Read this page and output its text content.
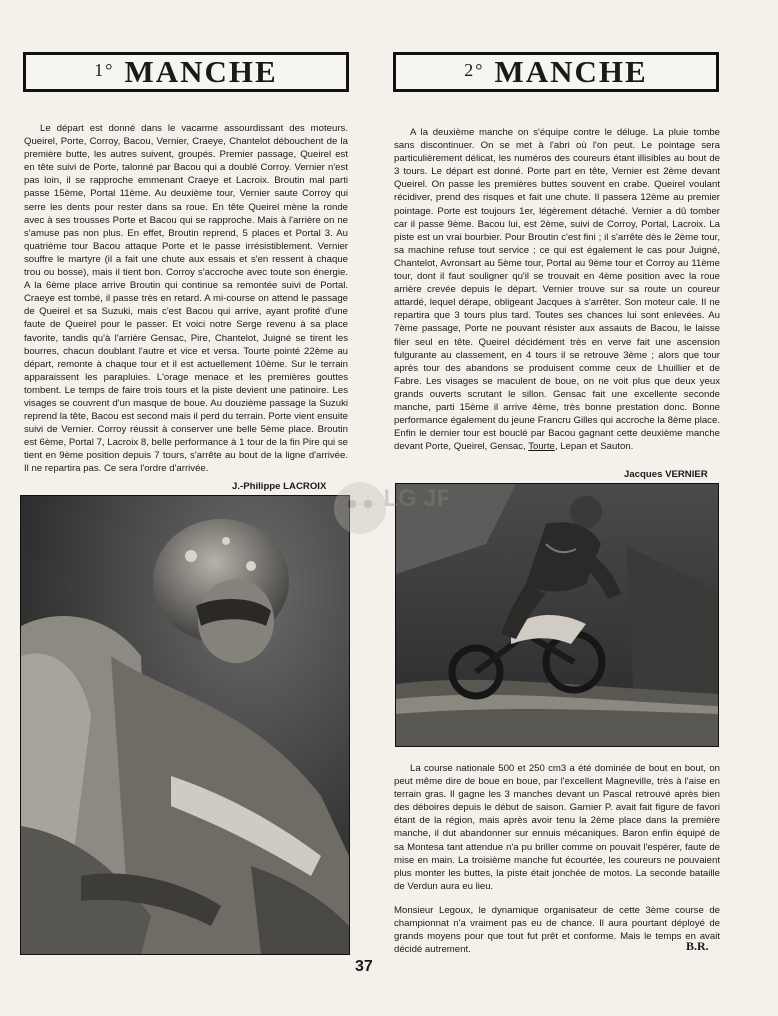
$^{1^\circ}$ MANCHE	$^{2^\circ}$ MANCHE

Le départ est donné dans le vacarme assourdissant des moteurs. Queirel, Porte, Corroy, Bacou, Vernier, Craeye, Chantelot débouchent de la première butte, les autres suivent, groupés. Premier passage, Queirel est en tête suivi de Porte, talonné par Bacou qui a doublé Corroy. Vernier n'est pas loin, il se rapproche emmenant Craeye et Lacroix. Broutin mal parti passe 15ème, Portal 11ème. Au deuxième tour, Vernier saute Corroy qui serre les dents pour rester dans sa roue. En tête Queirel mène la ronde avec à ses trousses Porte et Bacou qui se rapproche. Mais à l'arrière on ne s'amuse pas non plus. En effet, Broutin reprend, 5 places et Portal 3. Au quatrième tour Bacou attaque Porte et le passe irrésistiblement. Vernier souffre le martyre (il a fait une chute aux essais et s'en ressent à chaque trou ou bosse), mais il tient bon. Corroy s'accroche avec toute son énergie. A la 6ème place arrive Broutin qui continue sa remontée suivi de Portal. Craeye est tombé, il passe très en retard. A mi-course on attend le passage de Queirel et sa Suzuki, mais c'est Bacou qui arrive, ayant profité d'une faute de Queirel pour le passer. Et voici notre Serge revenu à sa place favorite, tandis qu'à l'arrière Gensac, Pire, Chantelot, Juigné se tirent les bourres, chacun doublant l'autre et vice et versa. Tourte pointé 22ème au départ, remonte à chaque tour et il est actuellement 10ème. Sur le terrain apparaissent les parapluies. L'orage menace et les premières gouttes tombent. Le temps de faire trois tours et la piste devient une patinoire. Les visages se couvrent d'un masque de boue. Au douzième passage la Suzuki reprend la tête, Bacou est second mais il perd du terrain. Porte vient ensuite suivi de Vernier. Corroy réussit à conserver une belle 5ème place. Broutin est 6ème, Portal 7, Lacroix 8, belle performance à 1 tour de la fin Pire qui se tient en 9ème position depuis 7 tours, s'arrête au bout de la ligne d'arrivée. Il ne repartira pas. Ce sera l'ordre d'arrivée.

J.-Philippe LACROIX

A la deuxième manche on s'équipe contre le déluge. La pluie tombe sans discontinuer. On se met à l'abri où l'on peut. Le pointage sera particulièrement délicat, les numéros des coureurs étant illisibles au bout de 3 tours. Le départ est donné. Porte part en tête, Vernier est 2ème devant Queirel. On passe les premières buttes souvent en crabe. Queirel voulant récidiver, prend des risques et fait une chute. Il passera 12ème au premier pointage. Porte est toujours 1er, légèrement détaché. Vernier a dû tomber car il passe 9ème. Bacou lui, est 2ème, suivi de Corroy, Portal, Lacroix. La piste est un vrai bourbier. Pour Broutin c'est fini ; il s'arrête dès le 2ème tour, sa machine refuse tout service ; ce qui est également le cas pour Juigné, Chantelot, Avronsart au 5ème tour, Portal au 9ème tour et Corroy au 11ème tour, dont il faut souligner qu'il se trouvait en 4ème position avec la roue arrière crevée depuis le départ. Vernier trouve sur sa route un coureur attardé, lequel dérape, obligeant Jacques à s'arrêter. Son moteur cale. Il ne repartira que 3 tours plus tard. Toutes ses chances lui sont enlevées. Au 7ème passage, Porte ne pouvant résister aux assauts de Bacou, le laisse filer seul en tête. Queirel décidément très en verve fait une ascension fulgurante au classement, en 4 tours il se retrouve 3ème ; alors que tour après tour des abandons se produisent comme ceux de Lhuillier et de Fabre. Les visages se maculent de boue, on ne voit plus que deux yeux grands ouverts scrutant le sillon. Gensac fait une excellente seconde manche, parti 15ème il arrive 4ème, très bonne prestation donc. Bonne performance également du jeune Francru Gilles qui accroche la 8ème place. Enfin le dernier tour est bouclé par Bacou gagnant cette deuxième manche devant Porte, Queirel, Gensac, Tourte, Lepan et Sauton.

Jacques VERNIER
LG JP

La course nationale 500 et 250 cm3 a été dominée de bout en bout, on peut même dire de boue en boue, par l'excellent Magneville, très à l'aise en terrain gras. Il gagne les 3 manches devant un Pascal retrouvé après bien des déboires depuis le début de saison. Garnier P. avait fait figure de favori étant de la région, mais après avoir tenu la 2ème place dans la première manche, il dut abandonner sur ennuis mécaniques. Baron enfin équipé de sa Montesa tant attendue n'a pu briller comme on pouvait l'espérer, faute de mise en main. La troisième manche fut écourtée, les coureurs ne pouvaient plus monter les buttes, la piste était jonchée de motos. La seconde bataille de Verdun aura eu lieu.

Monsieur Legoux, le dynamique organisateur de cette 3ème course de championnat n'a vraiment pas eu de chance. Il aura pourtant déployé de grands moyens pour que tout fut prêt et conforme. Mais le temps en avait décidé autrement.	B.R.
37
